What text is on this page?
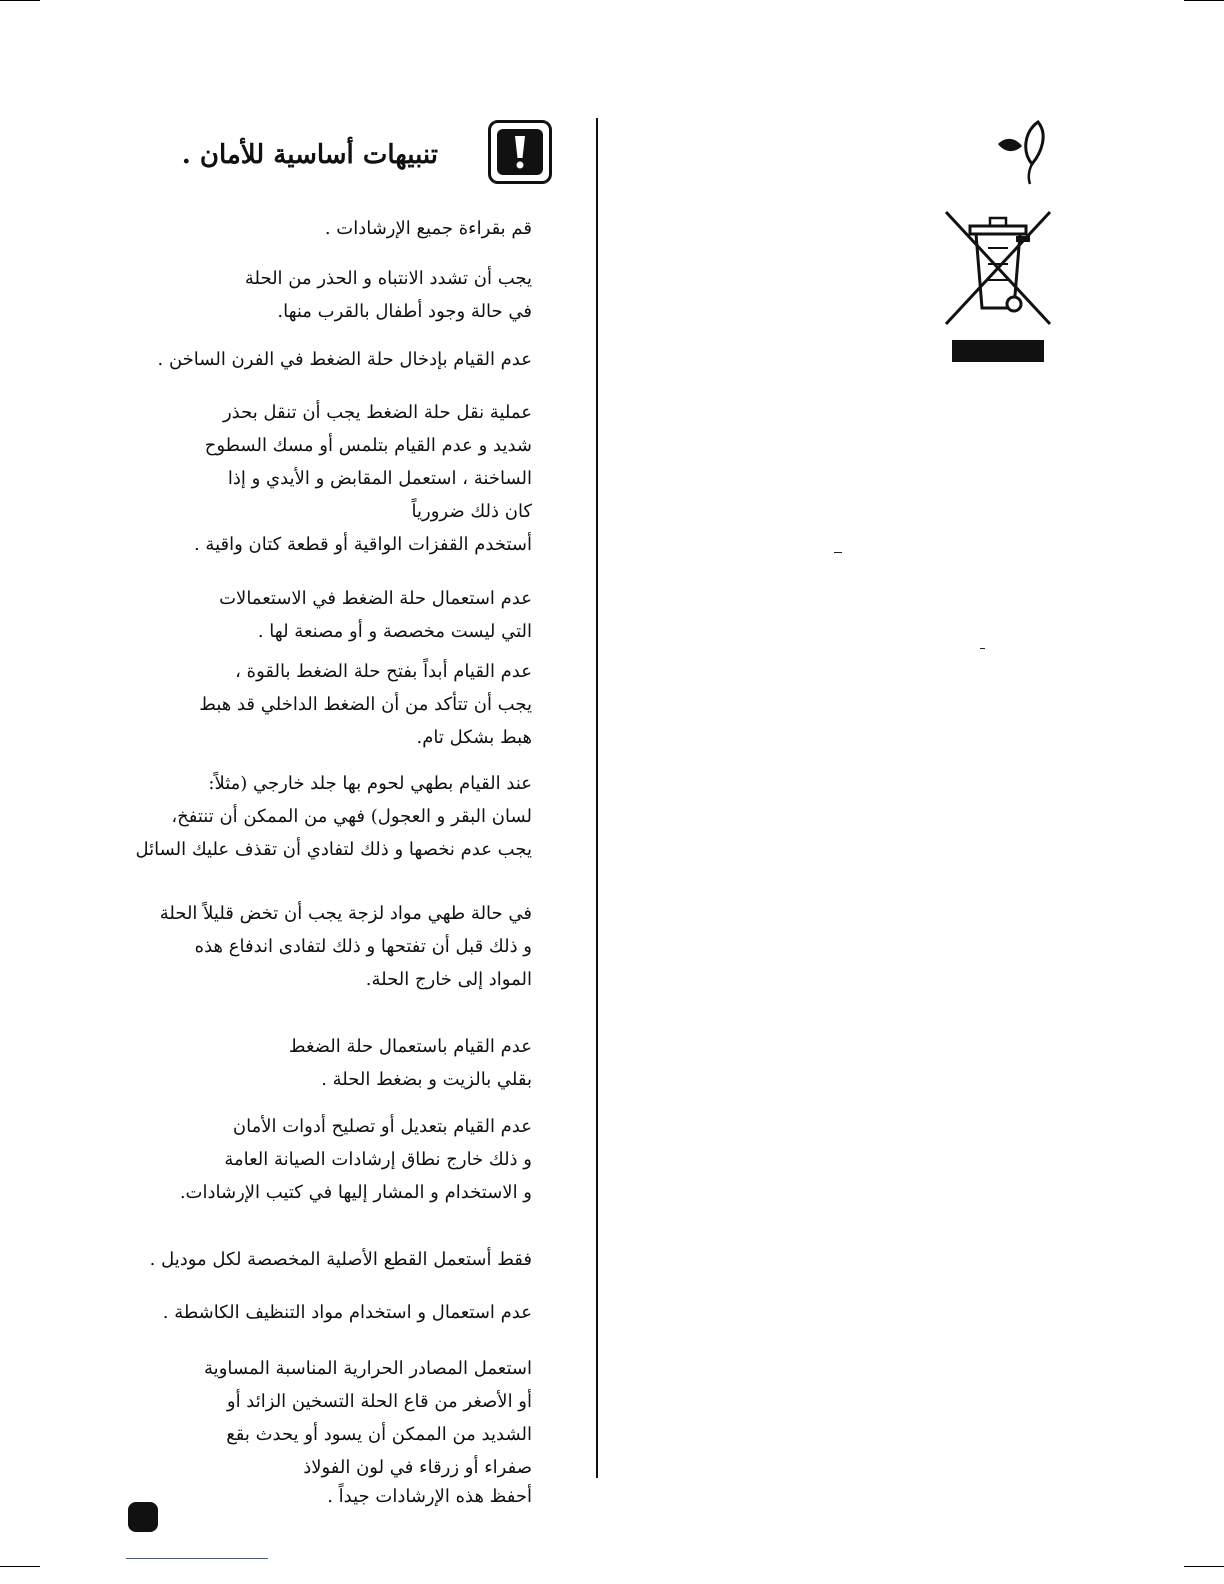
تنبيهات أساسية للأمان .
قم بقراءة جميع الإرشادات .
يجب أن تشدد الانتباه و الحذر من الحلة
في حالة وجود أطفال بالقرب منها.
عدم القيام بإدخال حلة الضغط في الفرن الساخن .
عملية نقل حلة الضغط يجب أن تنقل بحذر
شديد و عدم القيام بتلمس أو مسك السطوح
الساخنة ، استعمل المقابض و الأيدي و إذا
كان ذلك ضرورياً
أستخدم القفزات الواقية أو قطعة كتان واقية .
عدم استعمال حلة الضغط في الاستعمالات
التي ليست مخصصة و أو مصنعة لها .
عدم القيام أبداً بفتح حلة الضغط بالقوة ،
يجب أن تتأكد من أن الضغط الداخلي قد هبط
هبط بشكل تام.
عند القيام بطهي لحوم بها جلد خارجي (مثلاً:
لسان البقر و العجول) فهي من الممكن أن تنتفخ،
يجب عدم نخصها و ذلك لتفادي أن تقذف عليك السائل
في حالة طهي مواد لزجة يجب أن تخض قليلاً الحلة
و ذلك قبل أن تفتحها و ذلك لتفادى اندفاع هذه
المواد إلى خارج الحلة.
عدم القيام باستعمال حلة الضغط
بقلي بالزيت و بضغط الحلة .
عدم القيام بتعديل أو تصليح أدوات الأمان
و ذلك خارج نطاق إرشادات الصيانة العامة
و الاستخدام و المشار إليها في كتيب الإرشادات.
فقط أستعمل القطع الأصلية المخصصة لكل موديل .
عدم استعمال و استخدام مواد التنظيف الكاشطة .
استعمل المصادر الحرارية المناسبة المساوية
أو الأصغر من قاع الحلة التسخين الزائد أو
الشديد من الممكن أن يسود أو يحدث بقع
صفراء أو زرقاء في لون الفولاذ
أحفظ هذه الإرشادات جيداً .
